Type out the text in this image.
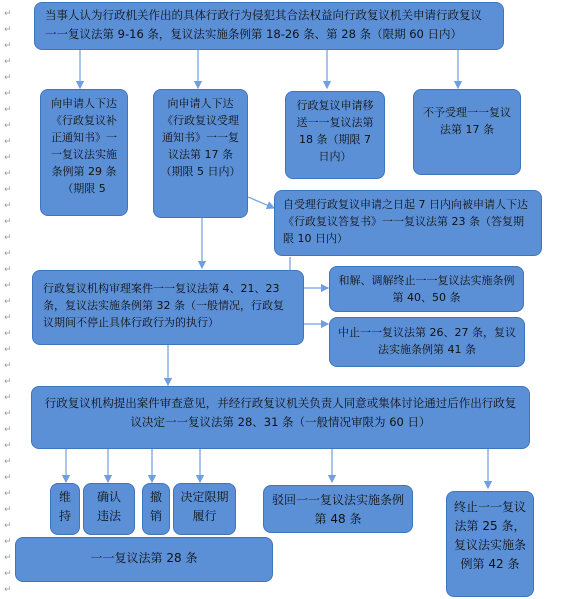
↵
↵
↵
↵
↵
↵
↵
↵
↵
↵
↵
↵
↵
↵
↵
↵
↵
↵
↵
↵
↵
↵
↵
↵
↵
↵
↵
↵
↵
↵
↵
↵
↵
↵
↵
↵
↵
当事人认为行政机关作出的具体行政行为侵犯其合法权益向行政复议机关申请行政复议 一一复议法第 9-16 条，复议法实施条例第 18-26 条、第 28 条（限期 60 日内）
向申请人下达《行政复议补正通知书》一一复议法实施条例第 29 条（期限 5
向申请人下达《行政复议受理通知书》一一复议法第 17 条（期限 5 日内）
行政复议申请移送一一复议法第 18 条（期限 7 日内）
不予受理一一复议法第 17 条
自受理行政复议申请之日起 7 日内向被申请人下达《行政复议答复书》一一复议法第 23 条（答复期限 10 日内）
行政复议机构审理案件一一复议法第 4、21、23 条，复议法实施条例第 32 条（一般情况，行政复议期间不停止具体行政行为的执行）
和解、调解终止一一复议法实施条例第 40、50 条
中止一一复议法第 26、27 条，复议法实施条例第 41 条
行政复议机构提出案件审查意见，并经行政复议机关负责人同意或集体讨论通过后作出行政复议决定一一复议法第 28、31 条（一般情况审限为 60 日）
维持
确认违法
撤销
决定限期履行
驳回一一复议法实施条例第 48 条
一一复议法第 28 条
终止一一复议法第 25 条，复议法实施条例第 42 条
